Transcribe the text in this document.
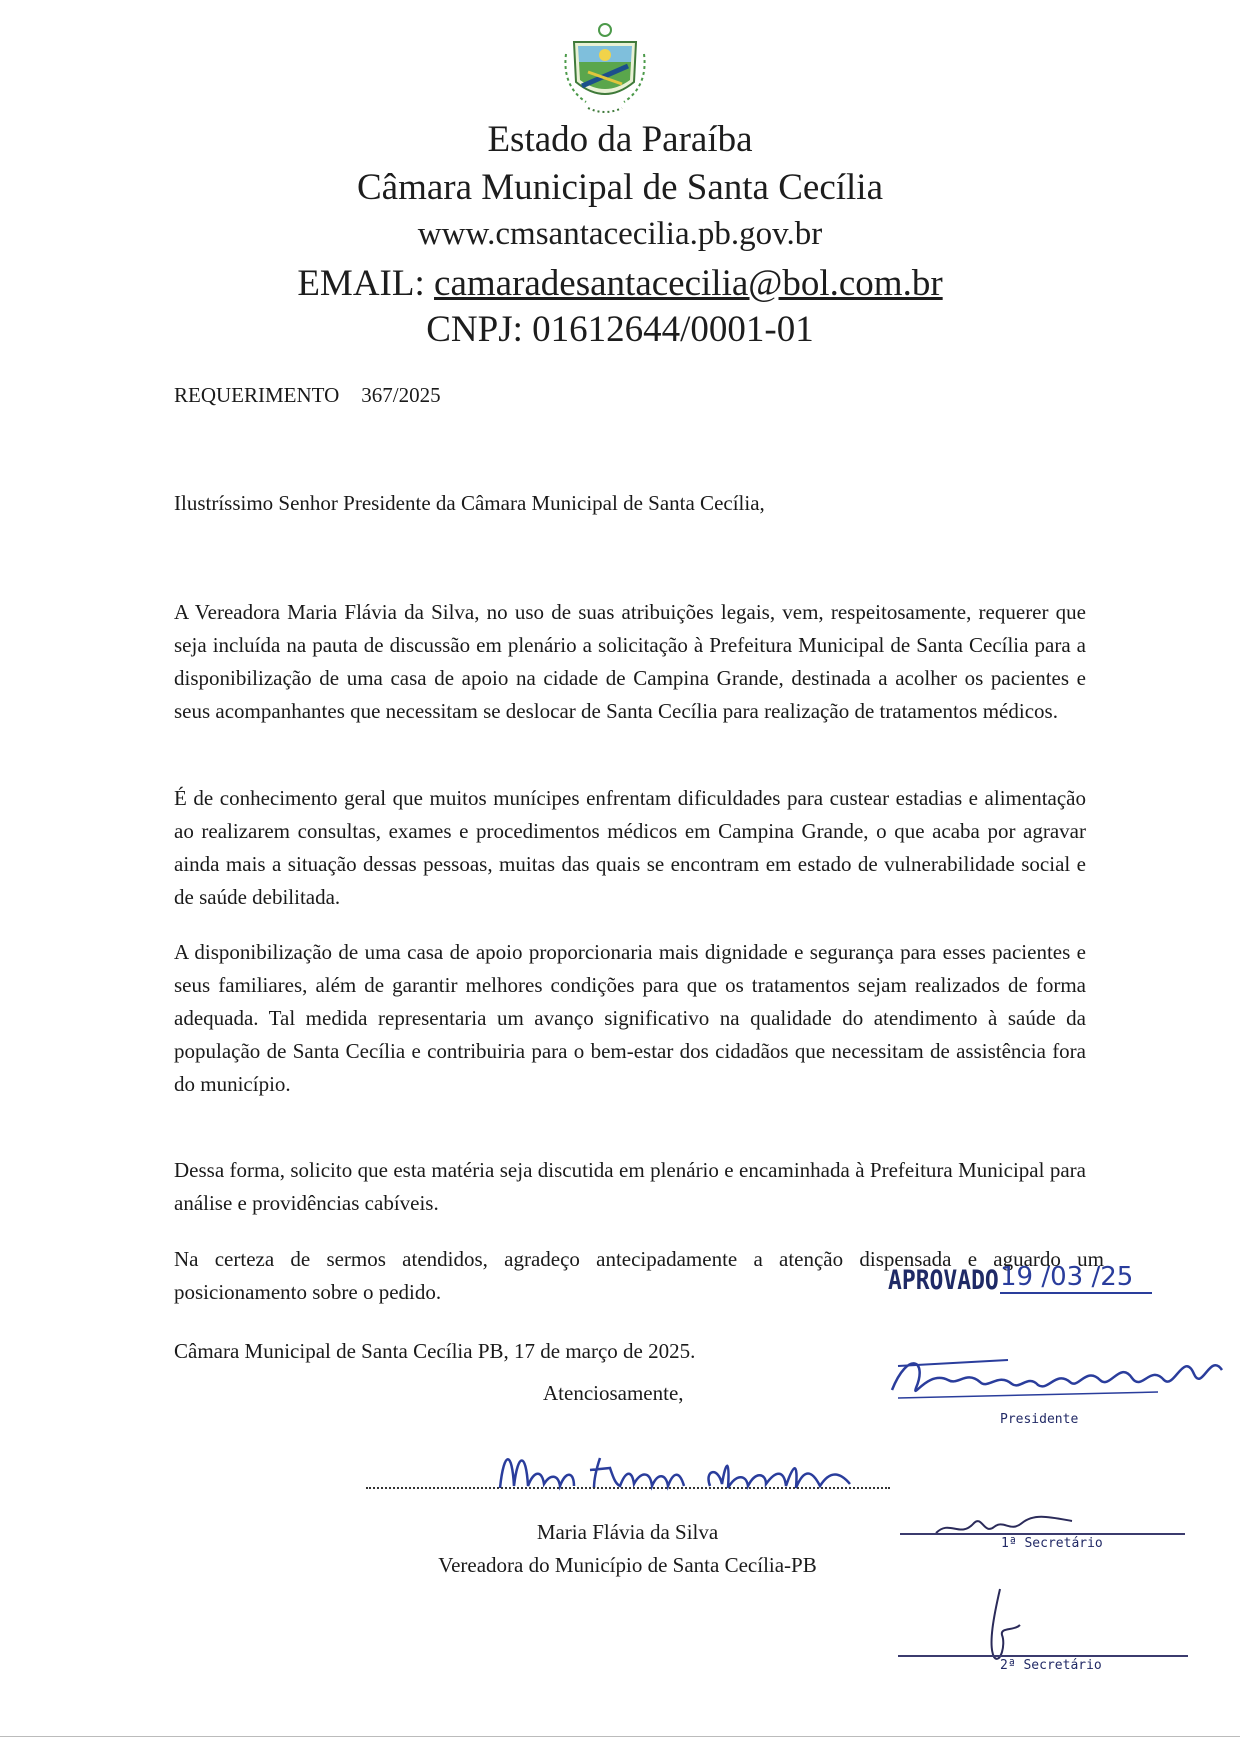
Estado da Paraíba
Câmara Municipal de Santa Cecília
www.cmsantacecilia.pb.gov.br
EMAIL: camaradesantacecilia@bol.com.br
CNPJ: 01612644/0001-01
REQUERIMENTO 367/2025
Ilustríssimo Senhor Presidente da Câmara Municipal de Santa Cecília,

A Vereadora Maria Flávia da Silva, no uso de suas atribuições legais, vem, respeitosamente, requerer que seja incluída na pauta de discussão em plenário a solicitação à Prefeitura Municipal de Santa Cecília para a disponibilização de uma casa de apoio na cidade de Campina Grande, destinada a acolher os pacientes e seus acompanhantes que necessitam se deslocar de Santa Cecília para realização de tratamentos médicos.

É de conhecimento geral que muitos munícipes enfrentam dificuldades para custear estadias e alimentação ao realizarem consultas, exames e procedimentos médicos em Campina Grande, o que acaba por agravar ainda mais a situação dessas pessoas, muitas das quais se encontram em estado de vulnerabilidade social e de saúde debilitada.

A disponibilização de uma casa de apoio proporcionaria mais dignidade e segurança para esses pacientes e seus familiares, além de garantir melhores condições para que os tratamentos sejam realizados de forma adequada. Tal medida representaria um avanço significativo na qualidade do atendimento à saúde da população de Santa Cecília e contribuiria para o bem-estar dos cidadãos que necessitam de assistência fora do município.

Dessa forma, solicito que esta matéria seja discutida em plenário e encaminhada à Prefeitura Municipal para análise e providências cabíveis.

Na certeza de sermos atendidos, agradeço antecipadamente a atenção dispensada e aguardo um posicionamento sobre o pedido.

Câmara Municipal de Santa Cecília PB, 17 de março de 2025.

Atenciosamente,
APROVADO 19 /03 /25
Presidente
Maria Flávia da Silva
Vereadora do Município de Santa Cecília-PB
1ª Secretário
2ª Secretário
